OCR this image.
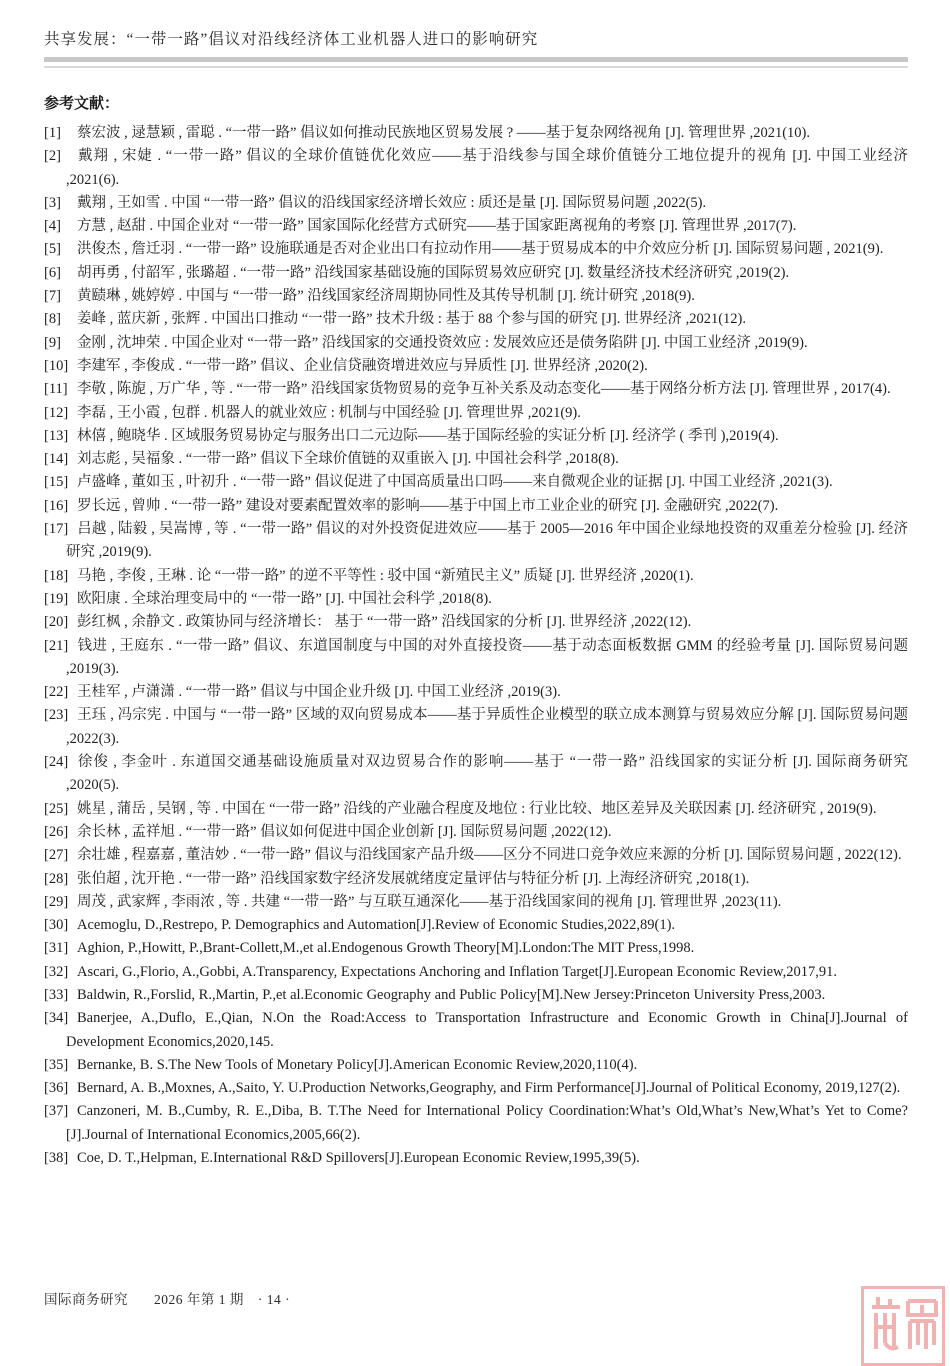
共享发展：“一带一路”倡议对沿线经济体工业机器人进口的影响研究
参考文献：
[1] 蔡宏波 , 逯慧颖 , 雷聪 . “一带一路” 倡议如何推动民族地区贸易发展 ? ——基于复杂网络视角 [J]. 管理世界 ,2021(10).
[2] 戴翔 , 宋婕 . “一带一路” 倡议的全球价值链优化效应——基于沿线参与国全球价值链分工地位提升的视角 [J]. 中国工业经济 ,2021(6).
[3] 戴翔 , 王如雪 . 中国 “一带一路” 倡议的沿线国家经济增长效应 : 质还是量 [J]. 国际贸易问题 ,2022(5).
[4] 方慧 , 赵甜 . 中国企业对 “一带一路” 国家国际化经营方式研究——基于国家距离视角的考察 [J]. 管理世界 ,2017(7).
[5] 洪俊杰 , 詹迁羽 . “一带一路” 设施联通是否对企业出口有拉动作用——基于贸易成本的中介效应分析 [J]. 国际贸易问题 , 2021(9).
[6] 胡再勇 , 付韶军 , 张璐超 . “一带一路” 沿线国家基础设施的国际贸易效应研究 [J]. 数量经济技术经济研究 ,2019(2).
[7] 黄赜琳 , 姚婷婷 . 中国与 “一带一路” 沿线国家经济周期协同性及其传导机制 [J]. 统计研究 ,2018(9).
[8] 姜峰 , 蓝庆新 , 张辉 . 中国出口推动 “一带一路” 技术升级 : 基于 88 个参与国的研究 [J]. 世界经济 ,2021(12).
[9] 金刚 , 沈坤荣 . 中国企业对 “一带一路” 沿线国家的交通投资效应 : 发展效应还是债务陷阱 [J]. 中国工业经济 ,2019(9).
[10] 李建军 , 李俊成 . “一带一路” 倡议、企业信贷融资增进效应与异质性 [J]. 世界经济 ,2020(2).
[11] 李敬 , 陈旎 , 万广华 , 等 . “一带一路” 沿线国家货物贸易的竞争互补关系及动态变化——基于网络分析方法 [J]. 管理世界 , 2017(4).
[12] 李磊 , 王小霞 , 包群 . 机器人的就业效应 : 机制与中国经验 [J]. 管理世界 ,2021(9).
[13] 林僖 , 鲍晓华 . 区域服务贸易协定与服务出口二元边际——基于国际经验的实证分析 [J]. 经济学 ( 季刊 ),2019(4).
[14] 刘志彪 , 吴福象 . “一带一路” 倡议下全球价值链的双重嵌入 [J]. 中国社会科学 ,2018(8).
[15] 卢盛峰 , 董如玉 , 叶初升 . “一带一路” 倡议促进了中国高质量出口吗——来自微观企业的证据 [J]. 中国工业经济 ,2021(3).
[16] 罗长远 , 曾帅 . “一带一路” 建设对要素配置效率的影响——基于中国上市工业企业的研究 [J]. 金融研究 ,2022(7).
[17] 吕越 , 陆毅 , 吴嵩博 , 等 . “一带一路” 倡议的对外投资促进效应——基于 2005—2016 年中国企业绿地投资的双重差分检验 [J]. 经济研究 ,2019(9).
[18] 马艳 , 李俊 , 王琳 . 论 “一带一路” 的逆不平等性 : 驳中国 “新殖民主义” 质疑 [J]. 世界经济 ,2020(1).
[19] 欧阳康 . 全球治理变局中的 “一带一路” [J]. 中国社会科学 ,2018(8).
[20] 彭红枫 , 余静文 . 政策协同与经济增长： 基于 “一带一路” 沿线国家的分析 [J]. 世界经济 ,2022(12).
[21] 钱进 , 王庭东 . “一带一路” 倡议、东道国制度与中国的对外直接投资——基于动态面板数据 GMM 的经验考量 [J]. 国际贸易问题 ,2019(3).
[22] 王桂军 , 卢潇潇 . “一带一路” 倡议与中国企业升级 [J]. 中国工业经济 ,2019(3).
[23] 王珏 , 冯宗宪 . 中国与 “一带一路” 区域的双向贸易成本——基于异质性企业模型的联立成本测算与贸易效应分解 [J]. 国际贸易问题 ,2022(3).
[24] 徐俊 , 李金叶 . 东道国交通基础设施质量对双边贸易合作的影响——基于 “一带一路” 沿线国家的实证分析 [J]. 国际商务研究 ,2020(5).
[25] 姚星 , 蒲岳 , 吴钢 , 等 . 中国在 “一带一路” 沿线的产业融合程度及地位 : 行业比较、地区差异及关联因素 [J]. 经济研究 , 2019(9).
[26] 余长林 , 孟祥旭 . “一带一路” 倡议如何促进中国企业创新 [J]. 国际贸易问题 ,2022(12).
[27] 余壮雄 , 程嘉嘉 , 董洁妙 . “一带一路” 倡议与沿线国家产品升级——区分不同进口竞争效应来源的分析 [J]. 国际贸易问题 , 2022(12).
[28] 张伯超 , 沈开艳 . “一带一路” 沿线国家数字经济发展就绪度定量评估与特征分析 [J]. 上海经济研究 ,2018(1).
[29] 周茂 , 武家辉 , 李雨浓 , 等 . 共建 “一带一路” 与互联互通深化——基于沿线国家间的视角 [J]. 管理世界 ,2023(11).
[30] Acemoglu, D.,Restrepo, P. Demographics and Automation[J].Review of Economic Studies,2022,89(1).
[31] Aghion, P.,Howitt, P.,Brant-Collett,M.,et al.Endogenous Growth Theory[M].London:The MIT Press,1998.
[32] Ascari, G.,Florio, A.,Gobbi, A.Transparency, Expectations Anchoring and Inflation Target[J].European Economic Review,2017,91.
[33] Baldwin, R.,Forslid, R.,Martin, P.,et al.Economic Geography and Public Policy[M].New Jersey:Princeton University Press,2003.
[34] Banerjee, A.,Duflo, E.,Qian, N.On the Road:Access to Transportation Infrastructure and Economic Growth in China[J].Journal of Development Economics,2020,145.
[35] Bernanke, B. S.The New Tools of Monetary Policy[J].American Economic Review,2020,110(4).
[36] Bernard, A. B.,Moxnes, A.,Saito, Y. U.Production Networks,Geography, and Firm Performance[J].Journal of Political Economy, 2019,127(2).
[37] Canzoneri, M. B.,Cumby, R. E.,Diba, B. T.The Need for International Policy Coordination:What’s Old,What’s New,What’s Yet to Come?[J].Journal of International Economics,2005,66(2).
[38] Coe, D. T.,Helpman, E.International R&D Spillovers[J].European Economic Review,1995,39(5).
国际商务研究 2026 年第 1 期 · 14 ·
